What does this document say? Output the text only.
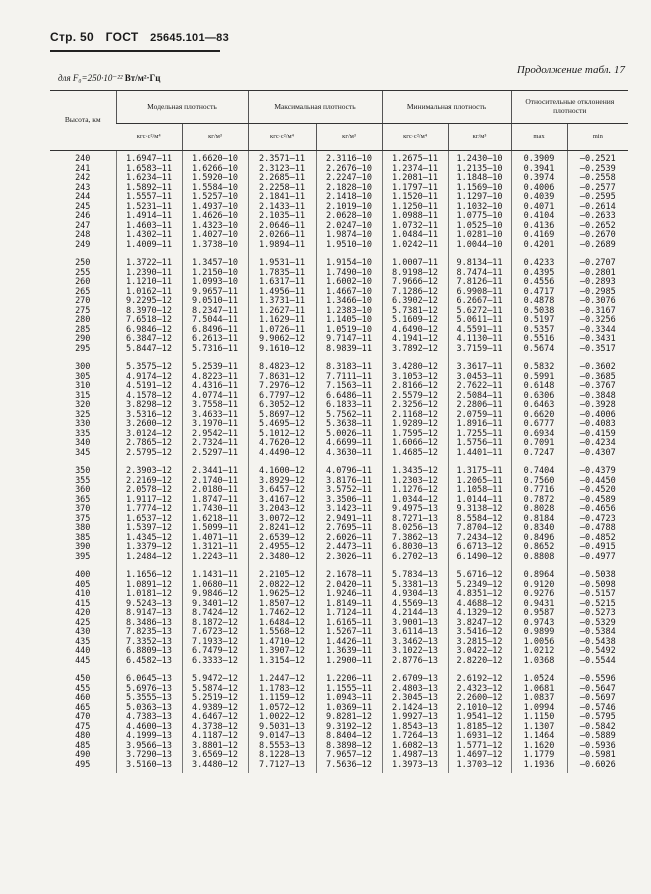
Стр. 50 ГОСТ 25645.101—83
Продолжение табл. 17
для F₀=250·10⁻²² Вт/м²·Гц
Высота, км	Модельная плотность		Максимальная плотность		Минимальная плотность		Относительные отклонения плотности	
	кгс·с²/м⁴	кг/м³	кгс·с²/м⁴	кг/м³	кгс·с²/м⁴	кг/м³	max	min
240	1.6947—11	1.6620—10	2.3571—11	2.3116—10	1.2675—11	1.2430—10	0.3909	—0.2521
241	1.6583—11	1.6266—10	2.3123—11	2.2676—10	1.2374—11	1.2135—10	0.3941	—0.2539
242	1.6234—11	1.5920—10	2.2685—11	2.2247—10	1.2081—11	1.1848—10	0.3974	—0.2558
243	1.5892—11	1.5584—10	2.2258—11	2.1828—10	1.1797—11	1.1569—10	0.4006	—0.2577
244	1.5557—11	1.5257—10	2.1841—11	2.1418—10	1.1520—11	1.1297—10	0.4039	—0.2595
245	1.5231—11	1.4937—10	2.1433—11	2.1019—10	1.1250—11	1.1032—10	0.4071	—0.2614
246	1.4914—11	1.4626—10	2.1035—11	2.0628—10	1.0988—11	1.0775—10	0.4104	—0.2633
247	1.4603—11	1.4323—10	2.0646—11	2.0247—10	1.0732—11	1.0525—10	0.4136	—0.2652
248	1.4302—11	1.4027—10	2.0266—11	1.9874—10	1.0484—11	1.0281—10	0.4169	—0.2670
249	1.4009—11	1.3738—10	1.9894—11	1.9510—10	1.0242—11	1.0044—10	0.4201	—0.2689
250	1.3722—11	1.3457—10	1.9531—11	1.9154—10	1.0007—11	9.8134—11	0.4233	—0.2707
255	1.2390—11	1.2150—10	1.7835—11	1.7490—10	8.9198—12	8.7474—11	0.4395	—0.2801
260	1.1210—11	1.0993—10	1.6317—11	1.6002—10	7.9666—12	7.8126—11	0.4556	—0.2893
265	1.0162—11	9.9657—11	1.4956—11	1.4667—10	7.1286—12	6.9908—11	0.4717	—0.2985
270	9.2295—12	9.0510—11	1.3731—11	1.3466—10	6.3902—12	6.2667—11	0.4878	—0.3076
275	8.3970—12	8.2347—11	1.2627—11	1.2383—10	5.7381—12	5.6272—11	0.5038	—0.3167
280	7.6518—12	7.5044—11	1.1629—11	1.1405—10	5.1609—12	5.0611—11	0.5197	—0.3256
285	6.9846—12	6.8496—11	1.0726—11	1.0519—10	4.6490—12	4.5591—11	0.5357	—0.3344
290	6.3847—12	6.2613—11	9.9062—12	9.7147—11	4.1941—12	4.1130—11	0.5516	—0.3431
295	5.8447—12	5.7316—11	9.1610—12	8.9839—11	3.7892—12	3.7159—11	0.5674	—0.3517
300	5.3575—12	5.2539—11	8.4823—12	8.3183—11	3.4280—12	3.3617—11	0.5832	—0.3602
305	4.9174—12	4.8223—11	7.8631—12	7.7111—11	3.1053—12	3.0453—11	0.5991	—0.3685
310	4.5191—12	4.4316—11	7.2976—12	7.1563—11	2.8166—12	2.7622—11	0.6148	—0.3767
315	4.1578—12	4.0774—11	6.7797—12	6.6486—11	2.5579—12	2.5084—11	0.6306	—0.3848
320	3.8298—12	3.7558—11	6.3052—12	6.1833—11	2.3256—12	2.2806—11	0.6463	—0.3928
325	3.5316—12	3.4633—11	5.8697—12	5.7562—11	2.1168—12	2.0759—11	0.6620	—0.4006
330	3.2600—12	3.1970—11	5.4695—12	5.3638—11	1.9289—12	1.8916—11	0.6777	—0.4083
335	3.0124—12	2.9542—11	5.1012—12	5.0026—11	1.7595—12	1.7255—11	0.6934	—0.4159
340	2.7865—12	2.7324—11	4.7620—12	4.6699—11	1.6066—12	1.5756—11	0.7091	—0.4234
345	2.5795—12	2.5297—11	4.4490—12	4.3630—11	1.4685—12	1.4401—11	0.7247	—0.4307
350	2.3903—12	2.3441—11	4.1600—12	4.0796—11	1.3435—12	1.3175—11	0.7404	—0.4379
355	2.2169—12	2.1740—11	3.8929—12	3.8176—11	1.2303—12	1.2065—11	0.7560	—0.4450
360	2.0578—12	2.0180—11	3.6457—12	3.5752—11	1.1276—12	1.1058—11	0.7716	—0.4520
365	1.9117—12	1.8747—11	3.4167—12	3.3506—11	1.0344—12	1.0144—11	0.7872	—0.4589
370	1.7774—12	1.7430—11	3.2043—12	3.1423—11	9.4975—13	9.3138—12	0.8028	—0.4656
375	1.6537—12	1.6218—11	3.0072—12	2.9491—11	8.7271—13	8.5584—12	0.8184	—0.4723
380	1.5397—12	1.5099—11	2.8241—12	2.7695—11	8.0256—13	7.8704—12	0.8340	—0.4788
385	1.4345—12	1.4071—11	2.6539—12	2.6026—11	7.3862—13	7.2434—12	0.8496	—0.4852
390	1.3379—12	1.3121—11	2.4955—12	2.4473—11	6.8030—13	6.6713—12	0.8652	—0.4915
395	1.2484—12	1.2243—11	2.3480—12	2.3026—11	6.2702—13	6.1490—12	0.8808	—0.4977
400	1.1656—12	1.1431—11	2.2105—12	2.1678—11	5.7834—13	5.6716—12	0.8964	—0.5038
405	1.0891—12	1.0680—11	2.0822—12	2.0420—11	5.3381—13	5.2349—12	0.9120	—0.5098
410	1.0181—12	9.9846—12	1.9625—12	1.9246—11	4.9304—13	4.8351—12	0.9276	—0.5157
415	9.5243—13	9.3401—12	1.8507—12	1.8149—11	4.5569—13	4.4688—12	0.9431	—0.5215
420	8.9147—13	8.7424—12	1.7462—12	1.7124—11	4.2144—13	4.1329—12	0.9587	—0.5273
425	8.3486—13	8.1872—12	1.6484—12	1.6165—11	3.9001—13	3.8247—12	0.9743	—0.5329
430	7.8235—13	7.6723—12	1.5568—12	1.5267—11	3.6114—13	3.5416—12	0.9899	—0.5384
435	7.3352—13	7.1933—12	1.4710—12	1.4426—11	3.3462—13	3.2815—12	1.0056	—0.5438
440	6.8809—13	6.7479—12	1.3907—12	1.3639—11	3.1022—13	3.0422—12	1.0212	—0.5492
445	6.4582—13	6.3333—12	1.3154—12	1.2900—11	2.8776—13	2.8220—12	1.0368	—0.5544
450	6.0645—13	5.9472—12	1.2447—12	1.2206—11	2.6709—13	2.6192—12	1.0524	—0.5596
455	5.6976—13	5.5874—12	1.1783—12	1.1555—11	2.4803—13	2.4323—12	1.0681	—0.5647
460	5.3555—13	5.2519—12	1.1159—12	1.0943—11	2.3045—13	2.2600—12	1.0837	—0.5697
465	5.0363—13	4.9389—12	1.0572—12	1.0369—11	2.1424—13	2.1010—12	1.0994	—0.5746
470	4.7383—13	4.6467—12	1.0022—12	9.8281—12	1.9927—13	1.9541—12	1.1150	—0.5795
475	4.4600—13	4.3738—12	9.5031—13	9.3192—12	1.8543—13	1.8185—12	1.1307	—0.5842
480	4.1999—13	4.1187—12	9.0147—13	8.8404—12	1.7264—13	1.6931—12	1.1464	—0.5889
485	3.9566—13	3.8801—12	8.5553—13	8.3898—12	1.6082—13	1.5771—12	1.1620	—0.5936
490	3.7290—13	3.6569—12	8.1228—13	7.9657—12	1.4987—13	1.4697—12	1.1779	—0.5981
495	3.5160—13	3.4480—12	7.7127—13	7.5636—12	1.3973—13	1.3703—12	1.1936	—0.6026
